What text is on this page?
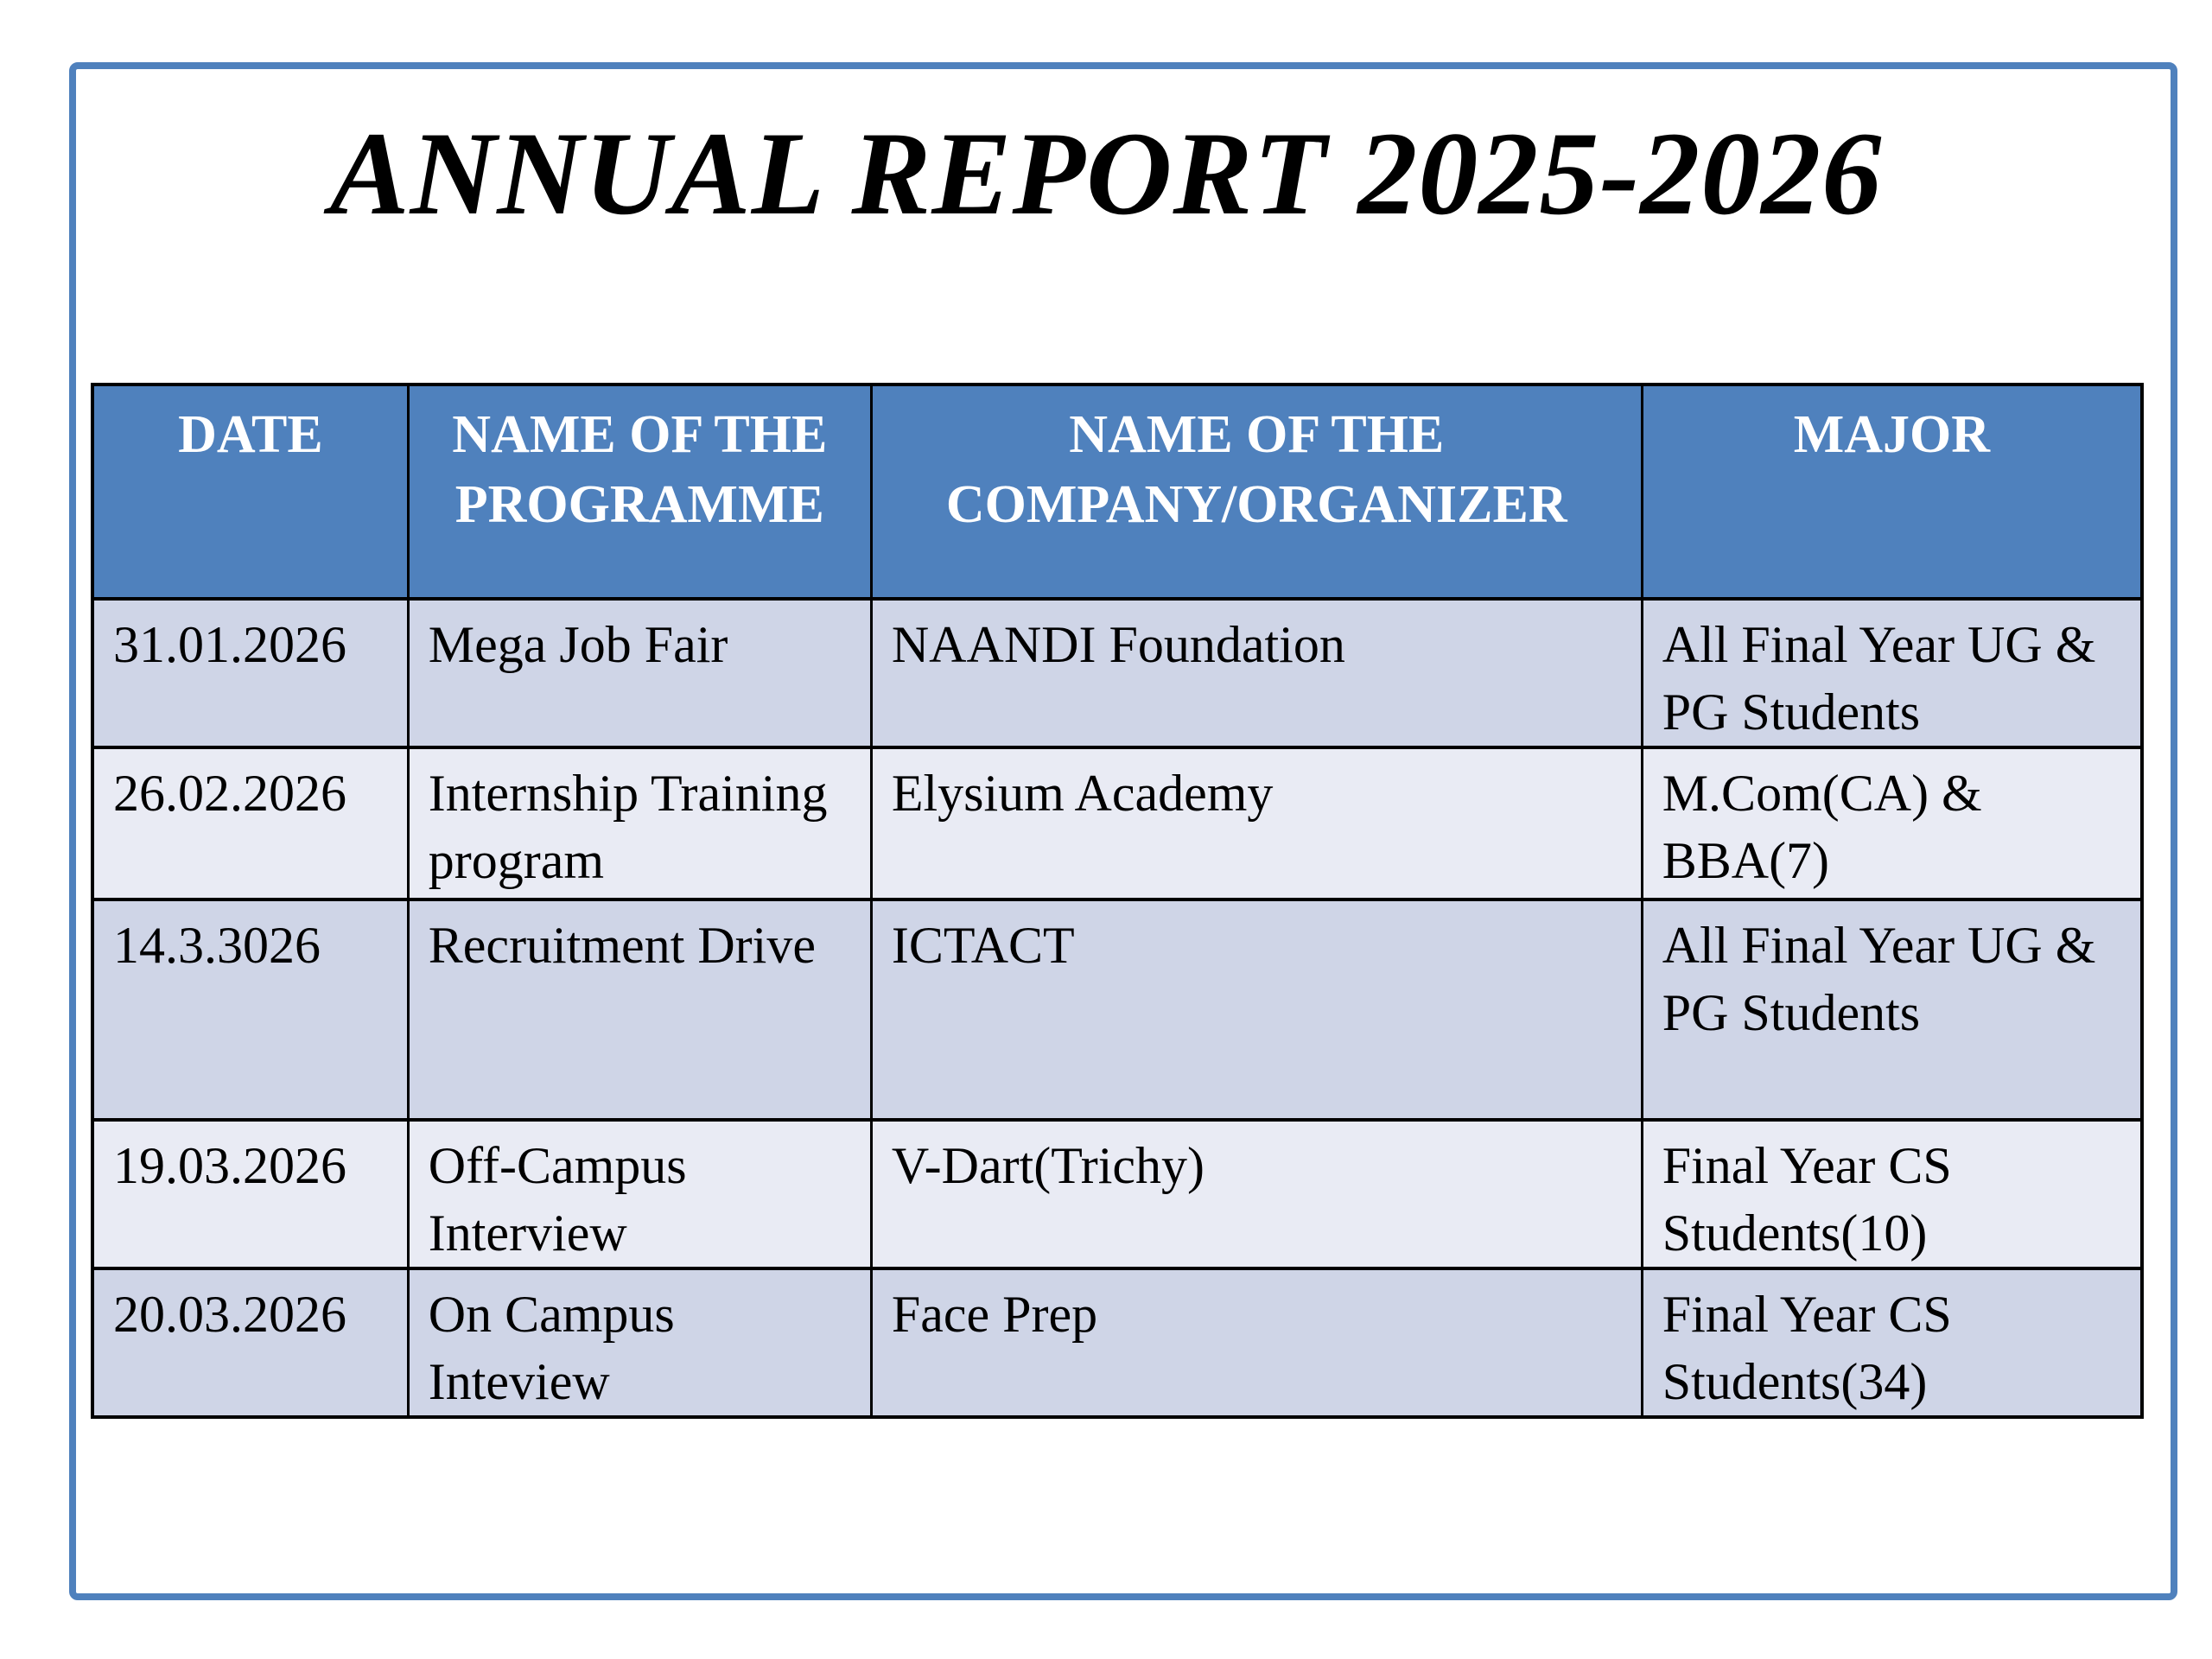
ANNUAL REPORT 2025-2026
DATE	NAME OF THE PROGRAMME	NAME OF THE COMPANY/ORGANIZER	MAJOR
31.01.2026	Mega Job Fair	NAANDI Foundation	All Final Year UG & PG Students
26.02.2026	Internship Training program	Elysium Academy	M.Com(CA) & BBA(7)
14.3.3026	Recruitment Drive	ICTACT	All Final Year UG & PG Students
19.03.2026	Off-Campus Interview	V-Dart(Trichy)	Final Year CS Students(10)
20.03.2026	On Campus Inteview	Face Prep	Final Year CS Students(34)
